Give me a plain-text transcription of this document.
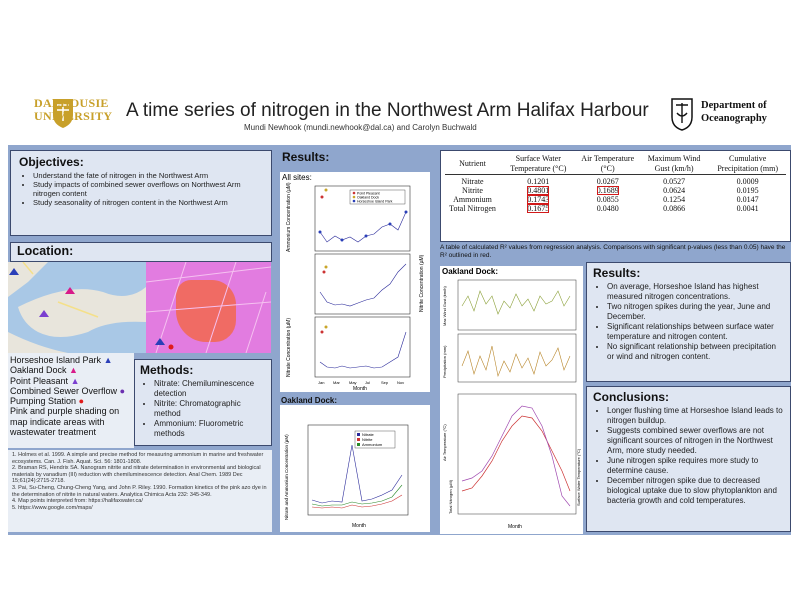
DALHOUSIE
UNIVERSITY A time series of nitrogen in the Northwest Arm Halifax Harbour
Mundi Newhook (mundi.newhook@dal.ca) and Carolyn Buchwald
Department of
Oceanography
Objectives:
• Understand the fate of nitrogen in the Northwest Arm
• Study impacts of combined sewer overflows on Northwest Arm nitrogen content
• Study seasonality of nitrogen content in the Northwest Arm
Location:
Horseshoe Island Park ▲
Oakland Dock ▲
Point Pleasant ▲
Combined Sewer Overflow ●
Pumping Station ●
Pink and purple shading on map indicate areas with wastewater treatment
Methods:
• Nitrate: Chemiluminescence detection
• Nitrite: Chromatographic method
• Ammonium: Fluorometric methods
1. Holmes et al. 1999. A simple and precise method for measuring ammonium in marine and freshwater ecosystems. Can. J. Fish. Aquat. Sci. 56: 1801-1808.
2. Braman RS, Hendrix SA. Nanogram nitrite and nitrate determination in environmental and biological materials by vanadium (III) reduction with chemiluminescence detection. Anal Chem. 1989 Dec 15;61(24):2715-2718.
3. Pai, Su-Cheng, Chung-Cheng Yang, and John P. Riley. 1990. Formation kinetics of the pink azo dye in the determination of nitrite in natural waters. Analytica Chimica Acta 232: 345-349.
4. Map points interpreted from: https://halifaxwater.ca/
5. https://www.google.com/maps/
Results:
All sites:
Point Pleasant
Oakland Dock
Horseshoe Island Park
Ammonium Concentration (µM)
Nitrate Concentration (µM)
Nitrite Concentration (µM)
Jan Mar May Jul	Sep Nov
Month
Oakland Dock:
Nitrate
Nitrite
Ammonium
Nitrate and Ammonium Concentration (µM)
Month
Nutrient	Surface Water Temperature (°C)	Air Temperature (°C)	Maximum Wind Gust (km/h)	Cumulative Precipitation (mm)
Nitrate	0.1201	0.0267	0.0527	0.0009
Nitrite	0.4801	0.1689	0.0624	0.0195
Ammonium	0.1743	0.0855	0.1254	0.0147
Total Nitrogen	0.1675	0.0480	0.0866	0.0041
A table of calculated R² values from regression analysis. Comparisons with significant p-values (less than 0.05) have the R² outlined in red.
Oakland Dock:
Max Wind Gust (km/h)
Precipitation (mm)
Air Temperature (°C)
Surface Water Temperature (°C)
Total Nitrogen (µM)
Month
Results:
• On average, Horseshoe Island has highest measured nitrogen concentrations.
• Two nitrogen spikes during the year, June and December.
• Significant relationships between surface water temperature and nitrogen content.
• No significant relationship between precipitation or wind and nitrogen content.
Conclusions:
• Longer flushing time at Horseshoe Island leads to nitrogen buildup.
• Suggests combined sewer overflows are not significant sources of nitrogen in the Northwest Arm, more study needed.
• June nitrogen spike requires more study to determine cause.
• December nitrogen spike due to decreased biological uptake due to slow phytoplankton and bacteria growth and cold temperatures.
